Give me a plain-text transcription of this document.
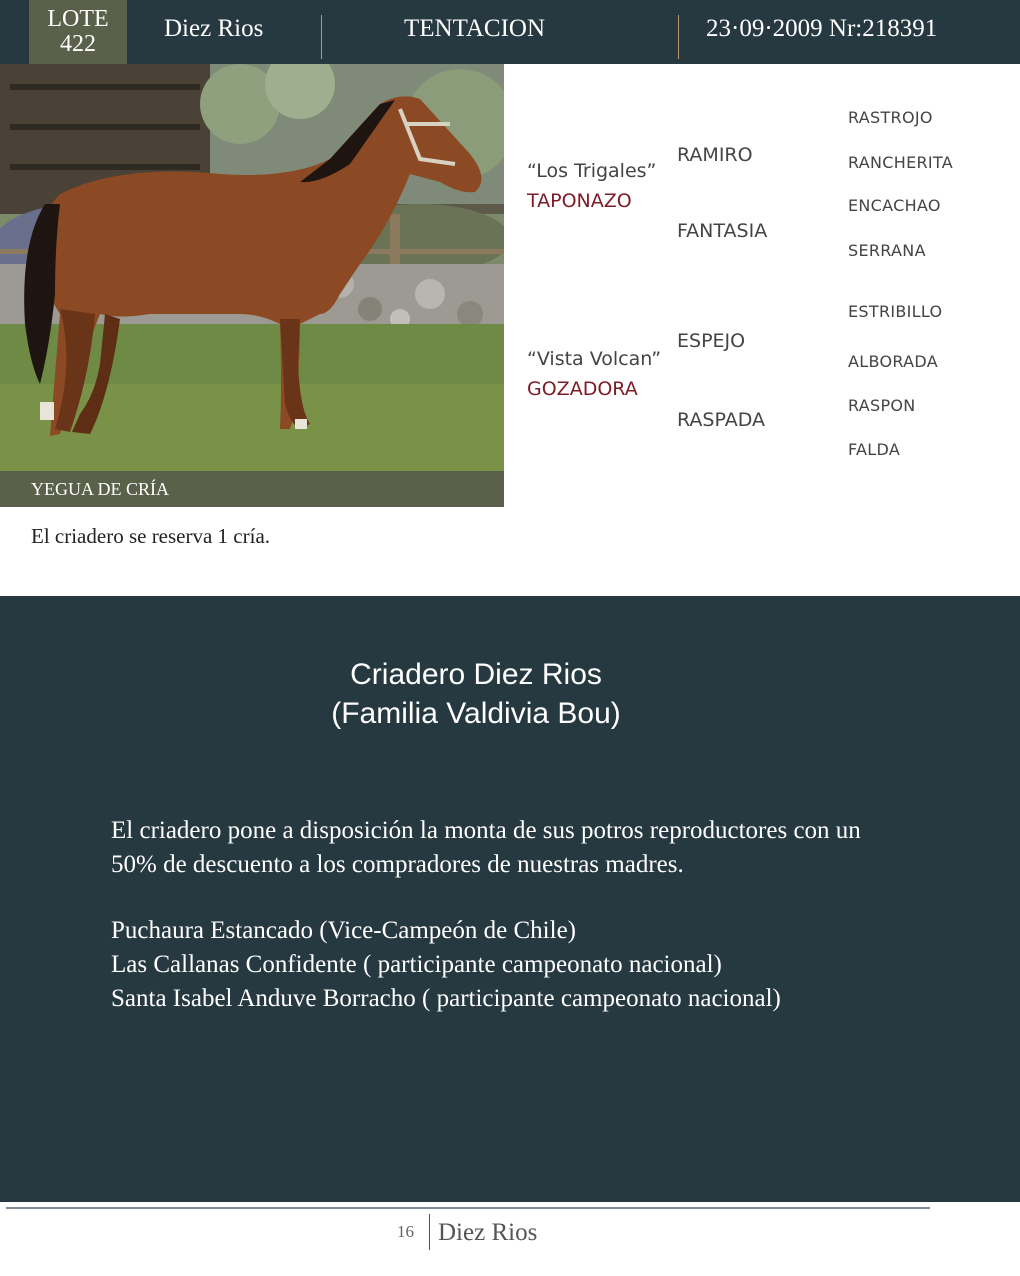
LOTE
422
Diez Rios	TENTACION	23·09·2009 Nr:218391
YEGUA DE CRÍA
El criadero se reserva 1 cría.
“Los Trigales”
TAPONAZO
“Vista Volcan”
GOZADORA
RAMIRO
FANTASIA
ESPEJO
RASPADA
RASTROJO
RANCHERITA
ENCACHAO
SERRANA
ESTRIBILLO
ALBORADA
RASPON
FALDA
Criadero Diez Rios
(Familia Valdivia Bou)
El criadero pone a disposición la monta de sus potros reproductores con un
50% de descuento a los compradores de nuestras madres.
Puchaura Estancado (Vice-Campeón de Chile)
Las Callanas Confidente ( participante campeonato nacional)
Santa Isabel Anduve Borracho ( participante campeonato nacional)
16 Diez Rios
